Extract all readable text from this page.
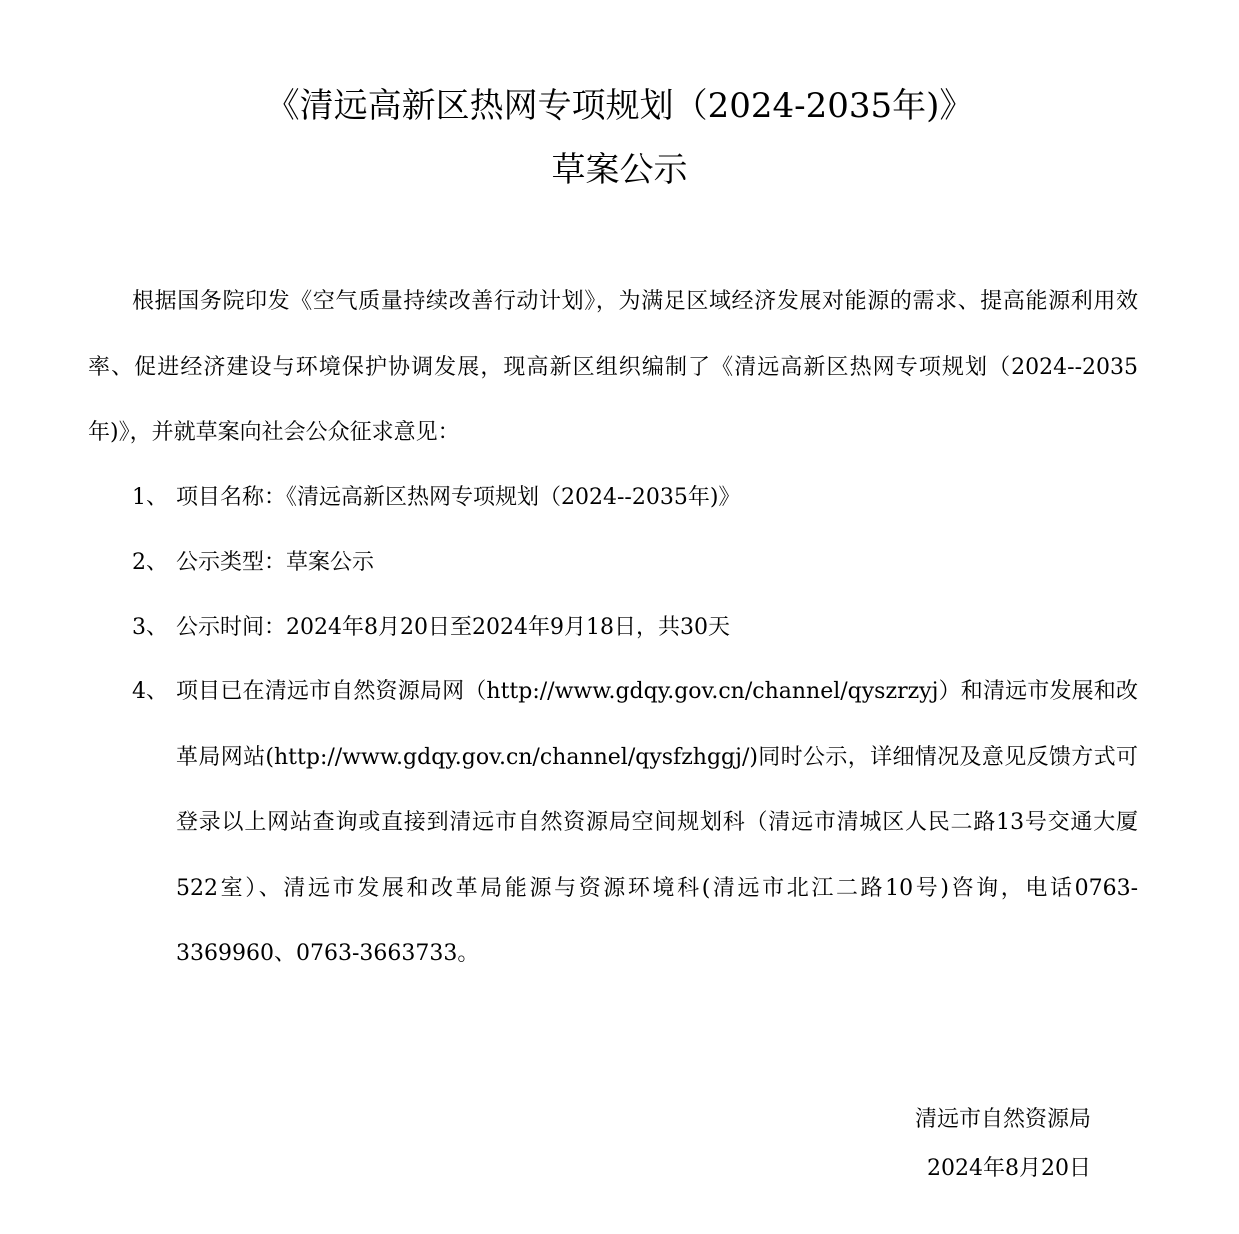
《清远高新区热网专项规划（2024-2035年)》
草案公示
根据国务院印发《空气质量持续改善行动计划》，为满足区域经济发展对能源的需求、提高能源利用效率、促进经济建设与环境保护协调发展，现高新区组织编制了《清远高新区热网专项规划（2024--2035年)》，并就草案向社会公众征求意见：
1、 项目名称：《清远高新区热网专项规划（2024--2035年)》
2、 公示类型：草案公示
3、 公示时间：2024年8月20日至2024年9月18日，共30天
4、 项目已在清远市自然资源局网（http://www.gdqy.gov.cn/channel/qyszrzyj）和清远市发展和改革局网站(http://www.gdqy.gov.cn/channel/qysfzhggj/)同时公示，详细情况及意见反馈方式可登录以上网站查询或直接到清远市自然资源局空间规划科（清远市清城区人民二路13号交通大厦522室）、清远市发展和改革局能源与资源环境科(清远市北江二路10号)咨询，电话0763-3369960、0763-3663733。
清远市自然资源局
2024年8月20日
